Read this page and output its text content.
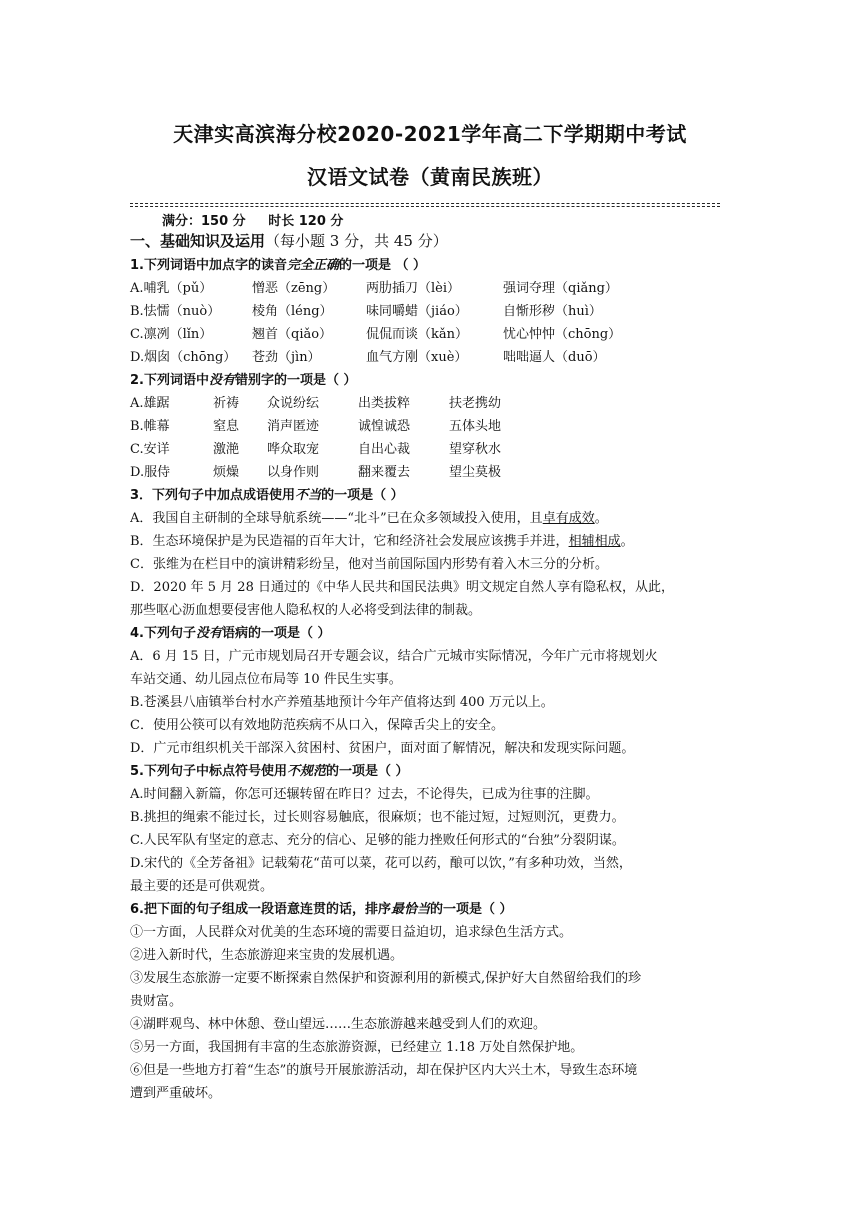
天津实高滨海分校2020-2021学年高二下学期期中考试
汉语文试卷（黄南民族班）
满分：150 分 时长 120 分
一、基础知识及运用（每小题 3 分，共 45 分）
1.下列词语中加点字的读音完全正确的一项是 （ ）
A.哺乳（pǔ）	憎恶（zēng）	两肋插刀（lèi）	强词夺理（qiǎng）
B.怯懦（nuò）	棱角（léng）	味同嚼蜡（jiáo）	自惭形秽（huì）
C.凛冽（lǐn）	翘首（qiǎo）	侃侃而谈（kǎn）	忧心忡忡（chōng）
D.烟囱（chōng）	苍劲（jìn）	血气方刚（xuè）	咄咄逼人（duō）
2.下列词语中没有错别字的一项是（ ）
A.雄踞	祈祷	众说纷纭	出类拔粹	扶老携幼
B.帷幕	窒息	消声匿迹	诚惶诚恐	五体头地
C.安详	激滟	哗众取宠	自出心裁	望穿秋水
D.服侍	烦燥	以身作则	翻来覆去	望尘莫极
3．下列句子中加点成语使用不当的一项是（ ）
A．我国自主研制的全球导航系统——“北斗”已在众多领域投入使用，且卓有成效。
B．生态环境保护是为民造福的百年大计，它和经济社会发展应该携手并进，相辅相成。
C．张维为在栏目中的演讲精彩纷呈，他对当前国际国内形势有着入木三分的分析。
D．2020 年 5 月 28 日通过的《中华人民共和国民法典》明文规定自然人享有隐私权，从此，
那些呕心沥血想要侵害他人隐私权的人必将受到法律的制裁。
4.下列句子没有语病的一项是（ ）
A．6 月 15 日，广元市规划局召开专题会议，结合广元城市实际情况，今年广元市将规划火
车站交通、幼儿园点位布局等 10 件民生实事。
B.苍溪县八庙镇举台村水产养殖基地预计今年产值将达到 400 万元以上。
C．使用公筷可以有效地防范疾病不从口入，保障舌尖上的安全。
D．广元市组织机关干部深入贫困村、贫困户，面对面了解情况，解决和发现实际问题。
5.下列句子中标点符号使用不规范的一项是（ ）
A.时间翻入新篇，你怎可还辗转留在昨日？过去，不论得失，已成为往事的注脚。
B.挑担的绳索不能过长，过长则容易触底，很麻烦；也不能过短，过短则沉，更费力。
C.人民军队有坚定的意志、充分的信心、足够的能力挫败任何形式的“台独”分裂阴谋。
D.宋代的《全芳备祖》记载菊花“苗可以菜，花可以药，酿可以饮，”有多种功效，当然，
最主要的还是可供观赏。
6.把下面的句子组成一段语意连贯的话，排序最恰当的一项是（ ）
①一方面，人民群众对优美的生态环境的需要日益迫切，追求绿色生活方式。
②进入新时代，生态旅游迎来宝贵的发展机遇。
③发展生态旅游一定要不断探索自然保护和资源利用的新模式,保护好大自然留给我们的珍
贵财富。
④湖畔观鸟、林中休憩、登山望远……生态旅游越来越受到人们的欢迎。
⑤另一方面，我国拥有丰富的生态旅游资源，已经建立 1.18 万处自然保护地。
⑥但是一些地方打着“生态”的旗号开展旅游活动，却在保护区内大兴土木，导致生态环境
遭到严重破坏。
